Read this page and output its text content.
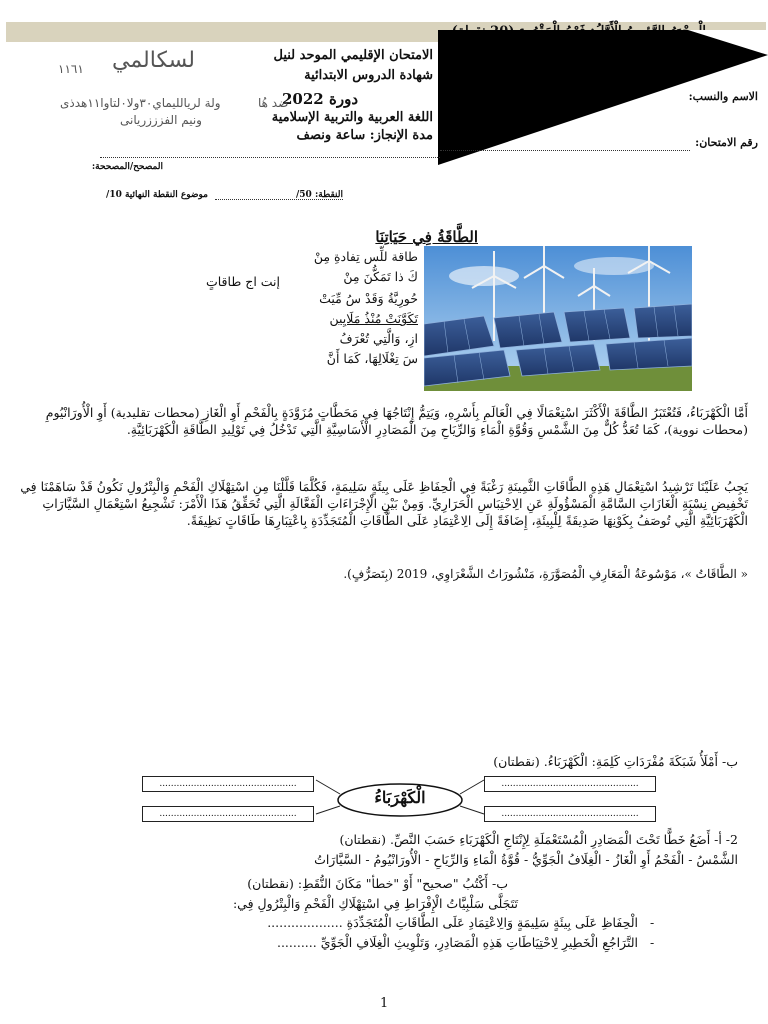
الامتحان الإقليمي الموحد لنيل
شهادة الدروس الابتدائية
دورة 2022
اللغة العربية والتربية الإسلامية
مدة الإنجاز: ساعة ونصف
الاسم والنسب:
رقم الامتحان:
المصحح/المصححة:
النقطة: 50/
موضوع النقطة النهائية 10/
لسكالمي
١١٦١
ولة لريالليماي٣٠ولا٠لتاوا١١هدذى
ونيم الفزززريانى
ضد هُا
الطَّاقَةُ فِي حَيَاتِنَا
طاقة للِّس تِفادةِ مِنْ
كَ ذا تَمَكُّنَ مِنْ
إنت اج طاقاتٍ
حُورِيَّةُ وَقَدْ سُ مِّيَتْ
تَكَوَّنَتْ مُنْذُ مَلَايِين
ازِ، وَالَّتِي تُعْرَفُ
سَ تِغْلَالِهَا، كَمَا أَنَّ
أَمَّا الْكَهْرَبَاءُ، فَتُعْتَبَرُ الطَّاقَةَ الْأَكْثَرَ اسْتِعْمَالًا فِي الْعَالَمِ بِأَسْرِهِ، وَيَتِمُّ إِنْتَاجُهَا فِي مَحَطَّاتٍ مُزَوَّدَةٍ بِالْفَحْمِ أَوِ الْغَازِ (محطات تقليدية) أَوِ الْأُورَانْيُومِ (محطات نووية)، كَمَا تُعَدُّ كُلٌّ مِنَ الشَّمْسِ وَقُوَّةِ الْمَاءِ وَالرِّيَاحِ مِنَ الْمَصَادِرِ الْأَسَاسِيَّةِ الَّتِي تَدْخُلُ فِي تَوْلِيدِ الطَّاقَةِ الْكَهْرَبَائِيَّةِ.
يَجِبُ عَلَيْنَا تَرْشِيدُ اسْتِعْمَالِ هَذِهِ الطَّاقَاتِ الثَّمِينَةِ رَغْبَةً فِي الْحِفَاظِ عَلَى بِيئَةٍ سَلِيمَةٍ، فَكُلَّمَا قَلَّلْنَا مِنِ اسْتِهْلَاكِ الْفَحْمِ وَالْبِتْرُولِ نَكُونُ قَدْ سَاهَمْنَا فِي تَخْفِيضِ نِسْبَةِ الْغَازَاتِ السَّامَّةِ الْمَسْؤُولَةِ عَنِ الِاحْتِبَاسِ الْحَرَارِيِّ. وَمِنْ بَيْنِ الْإِجْرَاءَاتِ الْفَعَّالَةِ الَّتِي تُحَقِّقُ هَذَا الْأَمْرَ: تَشْجِيعُ اسْتِعْمَالِ السَّيَّارَاتِ الْكَهْرَبَائِيَّةِ الَّتِي تُوصَفُ بِكَوْنِهَا صَدِيقَةً لِلْبِيئَةِ، إِضَافَةً إِلَى الِاعْتِمَادِ عَلَى الطَّاقَاتِ الْمُتَجَدِّدَةِ بِاعْتِبَارِهَا طَاقَاتٍ نَظِيفَةً.
« الطَّاقَاتُ »، مَوْسُوعَةُ الْمَعَارِفِ الْمُصَوَّرَةِ، مَنْشُورَاتُ الشَّعْرَاوِي، 2019 (بِتَصَرُّفٍ).
ب- أَمْلَأُ شَبَكَةَ مُفْرَدَاتِ كَلِمَةِ: الْكَهْرَبَاءُ. (نقطتان)
الْكَهْرَبَاءُ
................................................
................................................
................................................
................................................
2- أ- أَضَعُ خَطًّا تَحْتَ الْمَصَادِرِ الْمُسْتَعْمَلَةِ لِإِنْتَاجِ الْكَهْرَبَاءِ حَسَبَ النَّصِّ. (نقطتان)
الشَّمْسُ - الْفَحْمُ أَوِ الْغَازُ - الْغِلَافُ الْجَوِّيُّ - قُوَّةُ الْمَاءِ وَالرِّيَاحِ - الْأُورَانْيُومُ - السَّيَّارَاتُ
ب- أَكْتُبُ "صحيح" أَوْ "خطأ" مَكَانَ النُّقَطِ: (نقطتان)
تَتَجَلَّى سَلْبِيَّاتُ الْإِفْرَاطِ فِي اسْتِهْلَاكِ الْفَحْمِ وَالْبِتْرُولِ فِي:
-
الْحِفَاظِ عَلَى بِيئَةٍ سَلِيمَةٍ وَالِاعْتِمَادِ عَلَى الطَّاقَاتِ الْمُتَجَدِّدَةِ ...................
-
التَّرَاجُعِ الْخَطِيرِ لِاحْتِيَاطَاتِ هَذِهِ الْمَصَادِرِ، وَتَلْوِيثِ الْغِلَافِ الْجَوِّيِّ ..........
1
